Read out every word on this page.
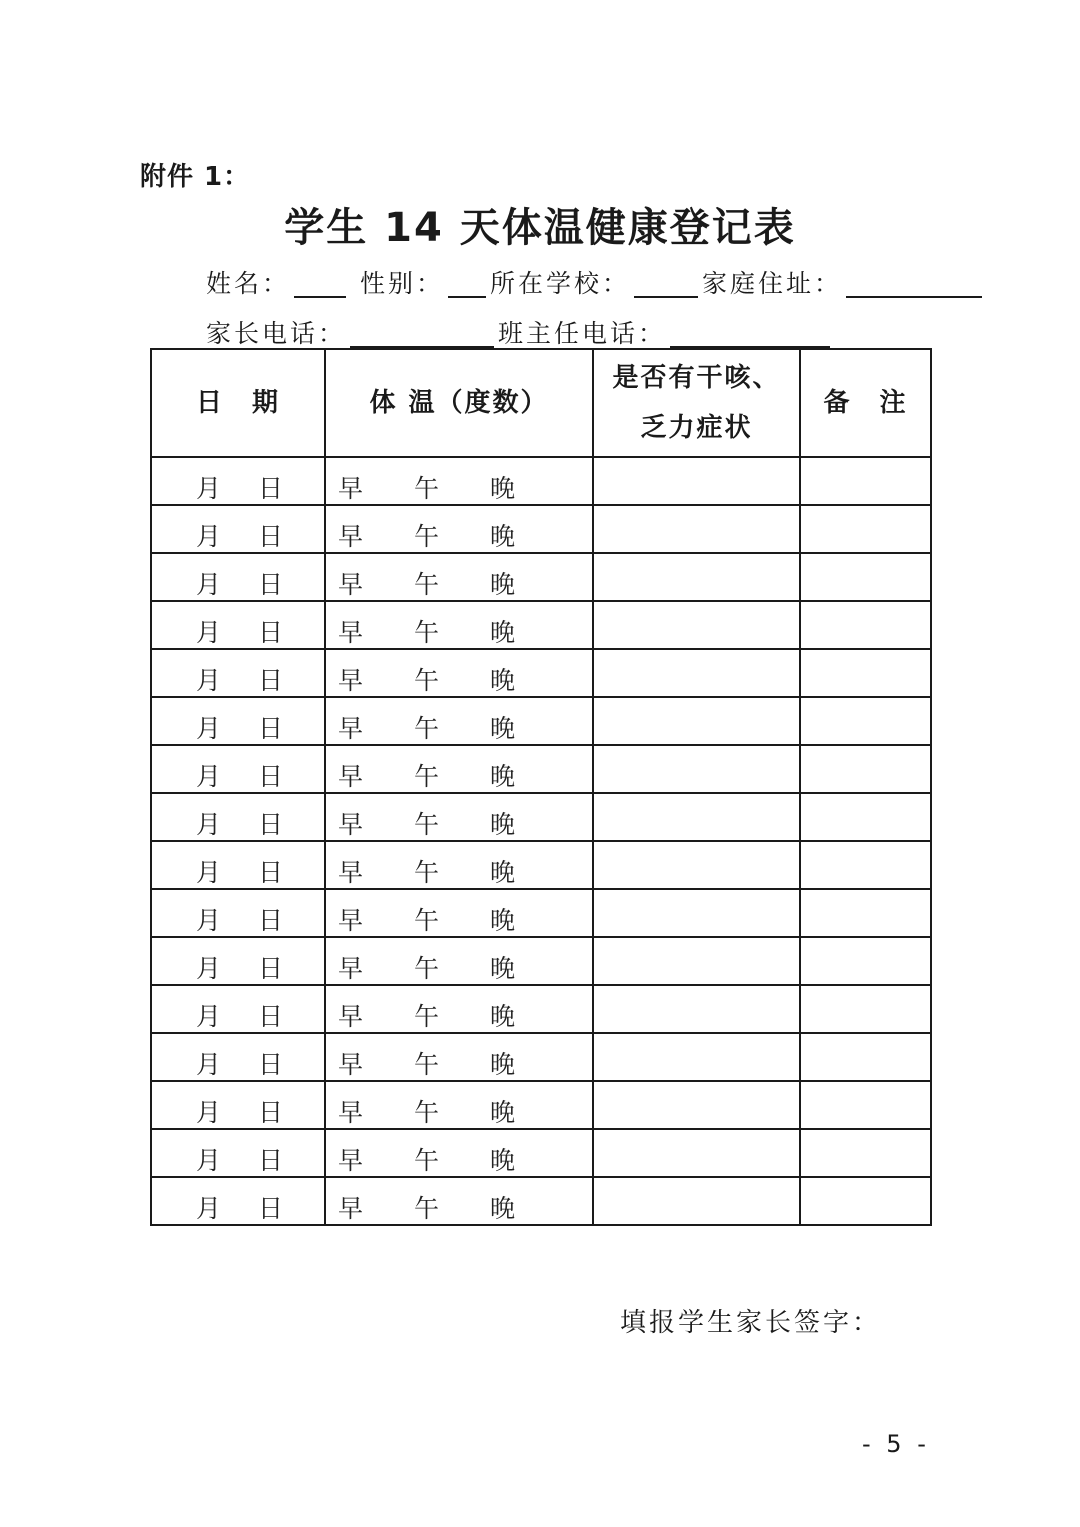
附件 1：
学生 14 天体温健康登记表
姓名：	性别： 所在学校：	家庭住址：
家长电话：	班主任电话：
日　期	体 温（度数）	是否有干咳、
乏力症状	备　注

月 日	早 午 晚		

月 日	早 午 晚		

月 日	早 午 晚		

月 日	早 午 晚		

月 日	早 午 晚		

月 日	早 午 晚		

月 日	早 午 晚		

月 日	早 午 晚		

月 日	早 午 晚		

月 日	早 午 晚		

月 日	早 午 晚		

月 日	早 午 晚		

月 日	早 午 晚		

月 日	早 午 晚		

月 日	早 午 晚		

月 日	早 午 晚		

填报学生家长签字：
- 5 -
